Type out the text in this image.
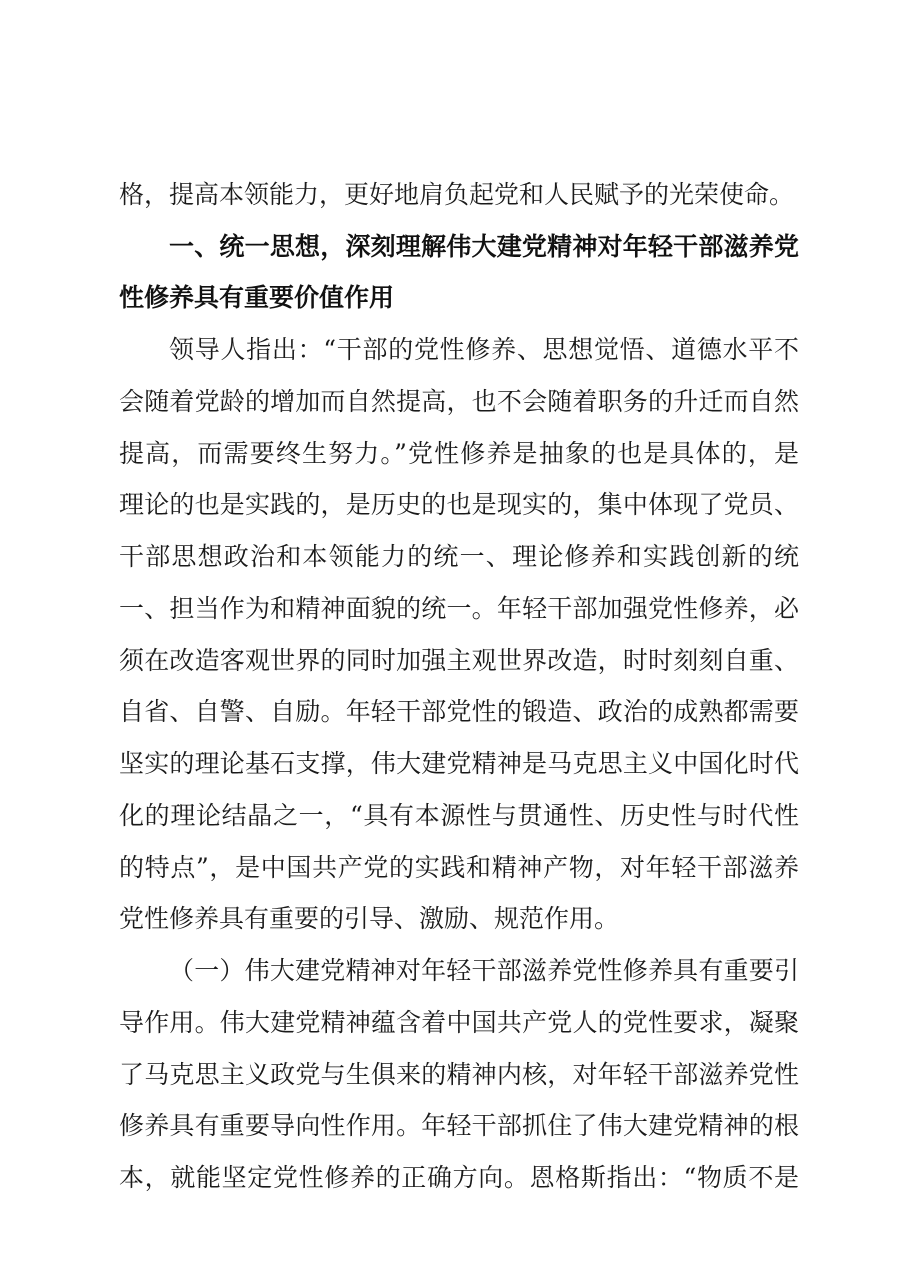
格，提高本领能力，更好地肩负起党和人民赋予的光荣使命。
一、统一思想，深刻理解伟大建党精神对年轻干部滋养党
性修养具有重要价值作用
领导人指出：“干部的党性修养、思想觉悟、道德水平不
会随着党龄的增加而自然提高，也不会随着职务的升迁而自然
提高，而需要终生努力。”党性修养是抽象的也是具体的，是
理论的也是实践的，是历史的也是现实的，集中体现了党员、
干部思想政治和本领能力的统一、理论修养和实践创新的统
一、担当作为和精神面貌的统一。年轻干部加强党性修养，必
须在改造客观世界的同时加强主观世界改造，时时刻刻自重、
自省、自警、自励。年轻干部党性的锻造、政治的成熟都需要
坚实的理论基石支撑，伟大建党精神是马克思主义中国化时代
化的理论结晶之一，“具有本源性与贯通性、历史性与时代性
的特点”，是中国共产党的实践和精神产物，对年轻干部滋养
党性修养具有重要的引导、激励、规范作用。
（一）伟大建党精神对年轻干部滋养党性修养具有重要引
导作用。伟大建党精神蕴含着中国共产党人的党性要求，凝聚
了马克思主义政党与生俱来的精神内核，对年轻干部滋养党性
修养具有重要导向性作用。年轻干部抓住了伟大建党精神的根
本，就能坚定党性修养的正确方向。恩格斯指出：“物质不是
